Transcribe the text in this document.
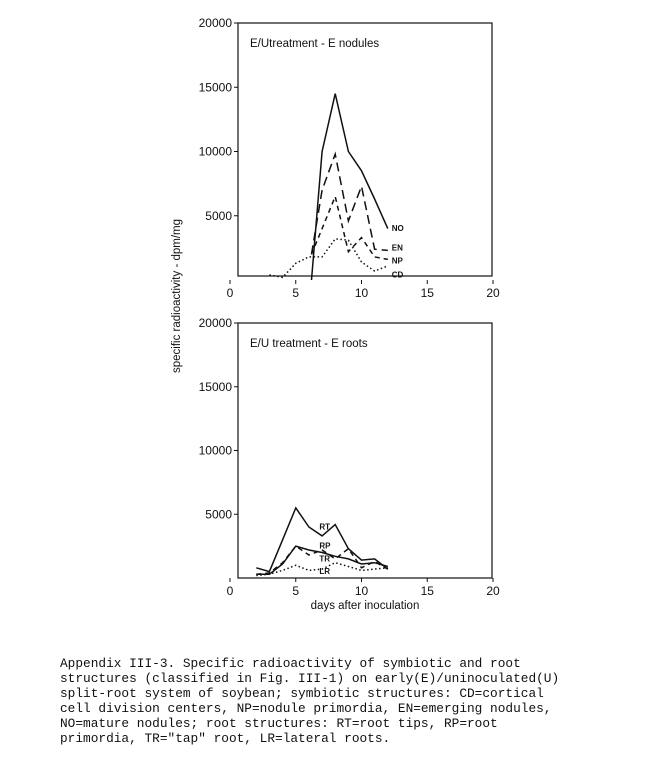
E/Utreatment - E nodules
0	5	10	15	20
5000
10000
15000
20000
NO
EN
NP
CD
E/U treatment - E roots
0	5	10	15	20
5000
10000
15000
20000
RT
RP
TR
LR
days after inoculation
specific radioactivity - dpm/mg
Appendix III-3. Specific radioactivity of symbiotic and root
structures (classified in Fig. III-1) on early(E)/uninoculated(U)
split-root system of soybean; symbiotic structures: CD=cortical
cell division centers, NP=nodule primordia, EN=emerging nodules,
NO=mature nodules; root structures: RT=root tips, RP=root
primordia, TR="tap" root, LR=lateral roots.
